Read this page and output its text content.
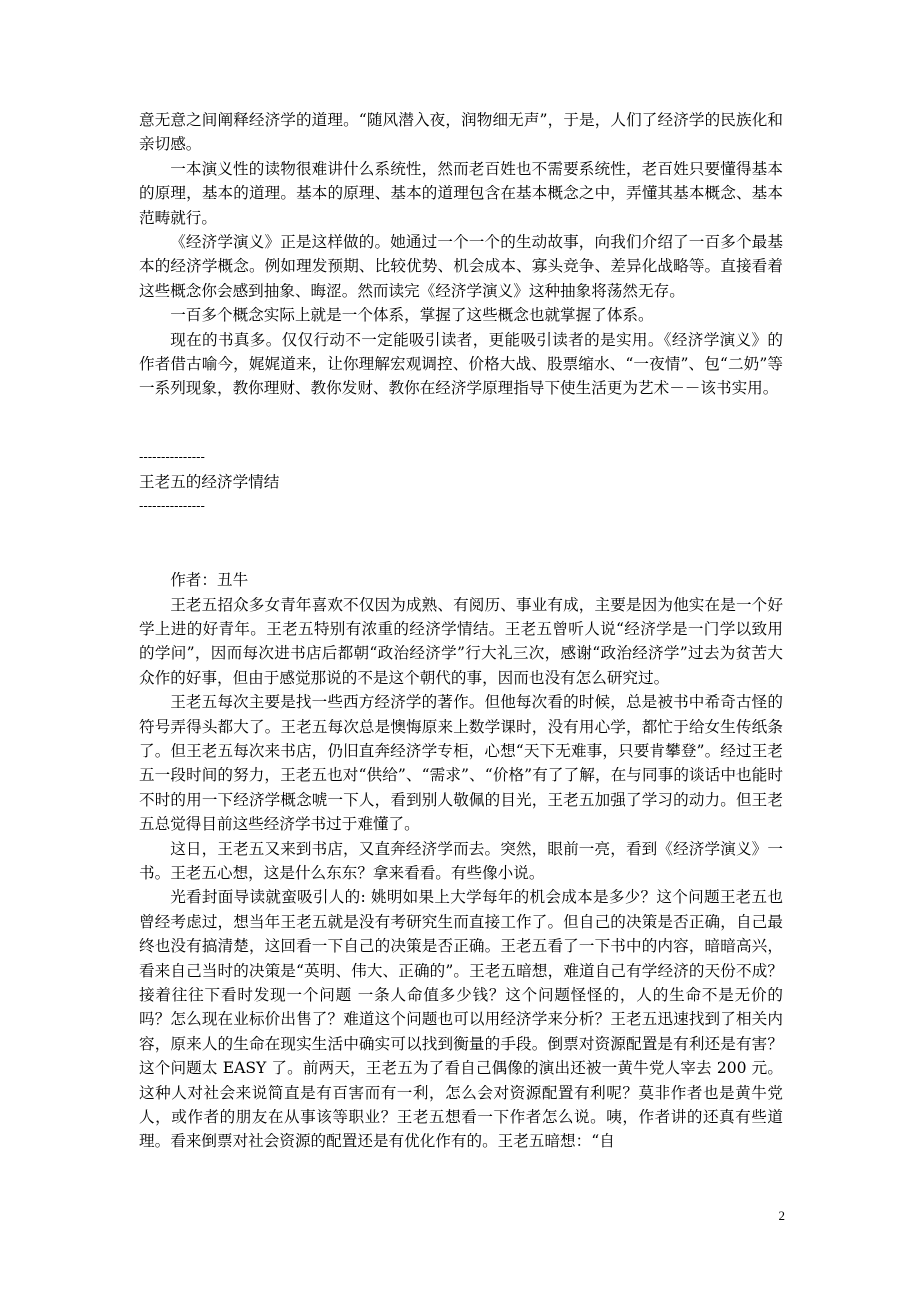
意无意之间阐释经济学的道理。“随风潜入夜，润物细无声”，于是，人们了经济学的民族化和亲切感。

一本演义性的读物很难讲什么系统性，然而老百姓也不需要系统性，老百姓只要懂得基本的原理，基本的道理。基本的原理、基本的道理包含在基本概念之中，弄懂其基本概念、基本范畴就行。

《经济学演义》正是这样做的。她通过一个一个的生动故事，向我们介绍了一百多个最基本的经济学概念。例如理发预期、比较优势、机会成本、寡头竞争、差异化战略等。直接看着这些概念你会感到抽象、晦涩。然而读完《经济学演义》这种抽象将荡然无存。

一百多个概念实际上就是一个体系，掌握了这些概念也就掌握了体系。

现在的书真多。仅仅行动不一定能吸引读者，更能吸引读者的是实用。《经济学演义》的作者借古喻今，娓娓道来，让你理解宏观调控、价格大战、股票缩水、“一夜情”、包“二奶”等一系列现象，教你理财、教你发财、教你在经济学原理指导下使生活更为艺术－－该书实用。

---------------

王老五的经济学情结

---------------

作者：丑牛

王老五招众多女青年喜欢不仅因为成熟、有阅历、事业有成，主要是因为他实在是一个好学上进的好青年。王老五特别有浓重的经济学情结。王老五曾听人说“经济学是一门学以致用的学问”，因而每次进书店后都朝“政治经济学”行大礼三次，感谢“政治经济学”过去为贫苦大众作的好事，但由于感觉那说的不是这个朝代的事，因而也没有怎么研究过。

王老五每次主要是找一些西方经济学的著作。但他每次看的时候，总是被书中希奇古怪的符号弄得头都大了。王老五每次总是懊悔原来上数学课时，没有用心学，都忙于给女生传纸条了。但王老五每次来书店，仍旧直奔经济学专柜，心想“天下无难事，只要肯攀登”。经过王老五一段时间的努力，王老五也对“供给”、“需求”、“价格”有了了解，在与同事的谈话中也能时不时的用一下经济学概念唬一下人，看到别人敬佩的目光，王老五加强了学习的动力。但王老五总觉得目前这些经济学书过于难懂了。

这日，王老五又来到书店，又直奔经济学而去。突然，眼前一亮，看到《经济学演义》一书。王老五心想，这是什么东东？拿来看看。有些像小说。

光看封面导读就蛮吸引人的: 姚明如果上大学每年的机会成本是多少？这个问题王老五也曾经考虑过，想当年王老五就是没有考研究生而直接工作了。但自己的决策是否正确，自己最终也没有搞清楚，这回看一下自己的决策是否正确。王老五看了一下书中的内容，暗暗高兴，看来自己当时的决策是“英明、伟大、正确的”。王老五暗想，难道自己有学经济的天份不成？接着往往下看时发现一个问题 一条人命值多少钱？这个问题怪怪的，人的生命不是无价的吗？怎么现在业标价出售了？难道这个问题也可以用经济学来分析？王老五迅速找到了相关内容，原来人的生命在现实生活中确实可以找到衡量的手段。倒票对资源配置是有利还是有害？这个问题太 EASY 了。前两天，王老五为了看自己偶像的演出还被一黄牛党人宰去 200 元。这种人对社会来说简直是有百害而有一利，怎么会对资源配置有利呢？莫非作者也是黄牛党人，或作者的朋友在从事该等职业？王老五想看一下作者怎么说。咦，作者讲的还真有些道理。看来倒票对社会资源的配置还是有优化作有的。王老五暗想：“自

2
